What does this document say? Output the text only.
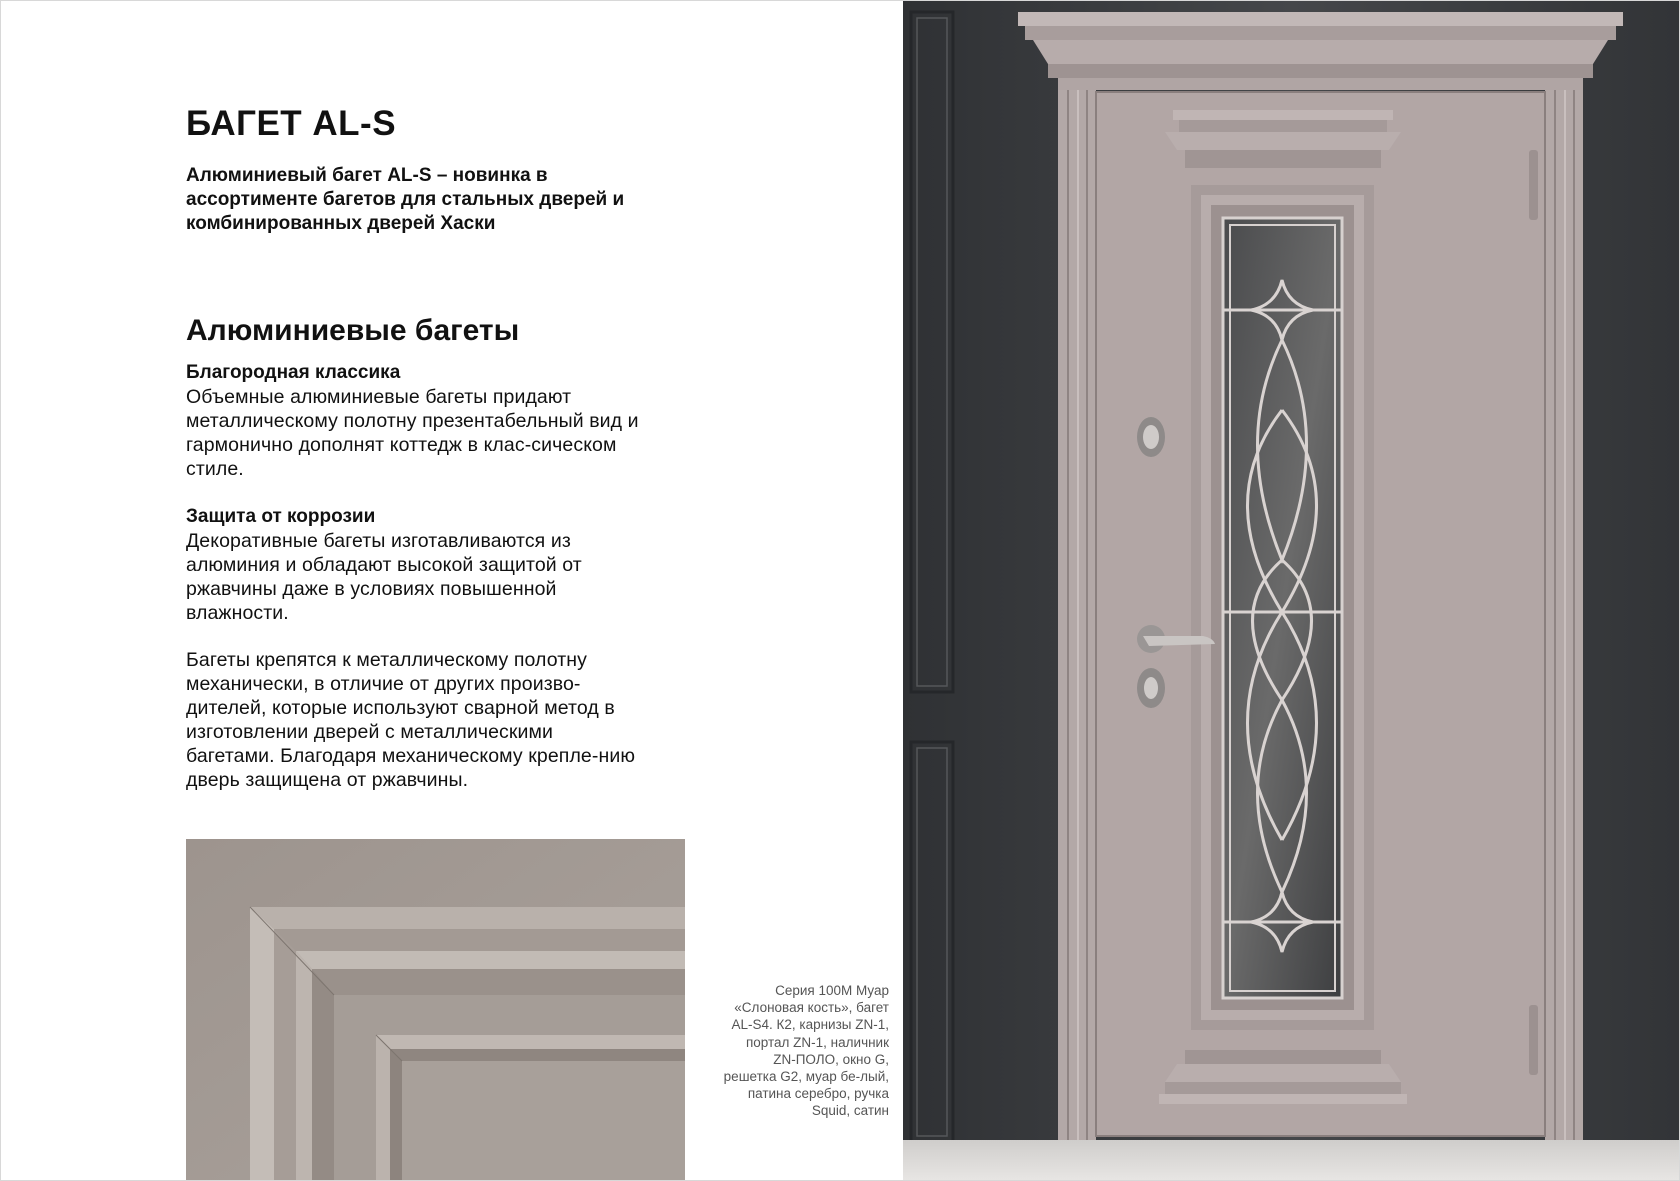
БАГЕТ AL-S

Алюминиевый багет AL-S – новинка в ассортименте багетов для стальных дверей и комбинированных дверей Хаски

Алюминиевые багеты
Благородная классика

Объемные алюминиевые багеты придают металлическому полотну презентабельный вид и гармонично дополнят коттедж в клас-сическом стиле.

Защита от коррозии

Декоративные багеты изготавливаются из алюминия и обладают высокой защитой от ржавчины даже в условиях повышенной влажности.

Багеты крепятся к металлическому полотну механически, в отличие от других произво-дителей, которые используют сварной метод в изготовлении дверей с металлическими багетами. Благодаря механическому крепле-нию дверь защищена от ржавчины.

Серия 100М Муар «Слоновая кость», багет AL-S4. К2, карнизы ZN-1, портал ZN-1, наличник ZN-ПОЛО, окно G, решетка G2, муар бе-лый, патина серебро, ручка Squid, сатин
